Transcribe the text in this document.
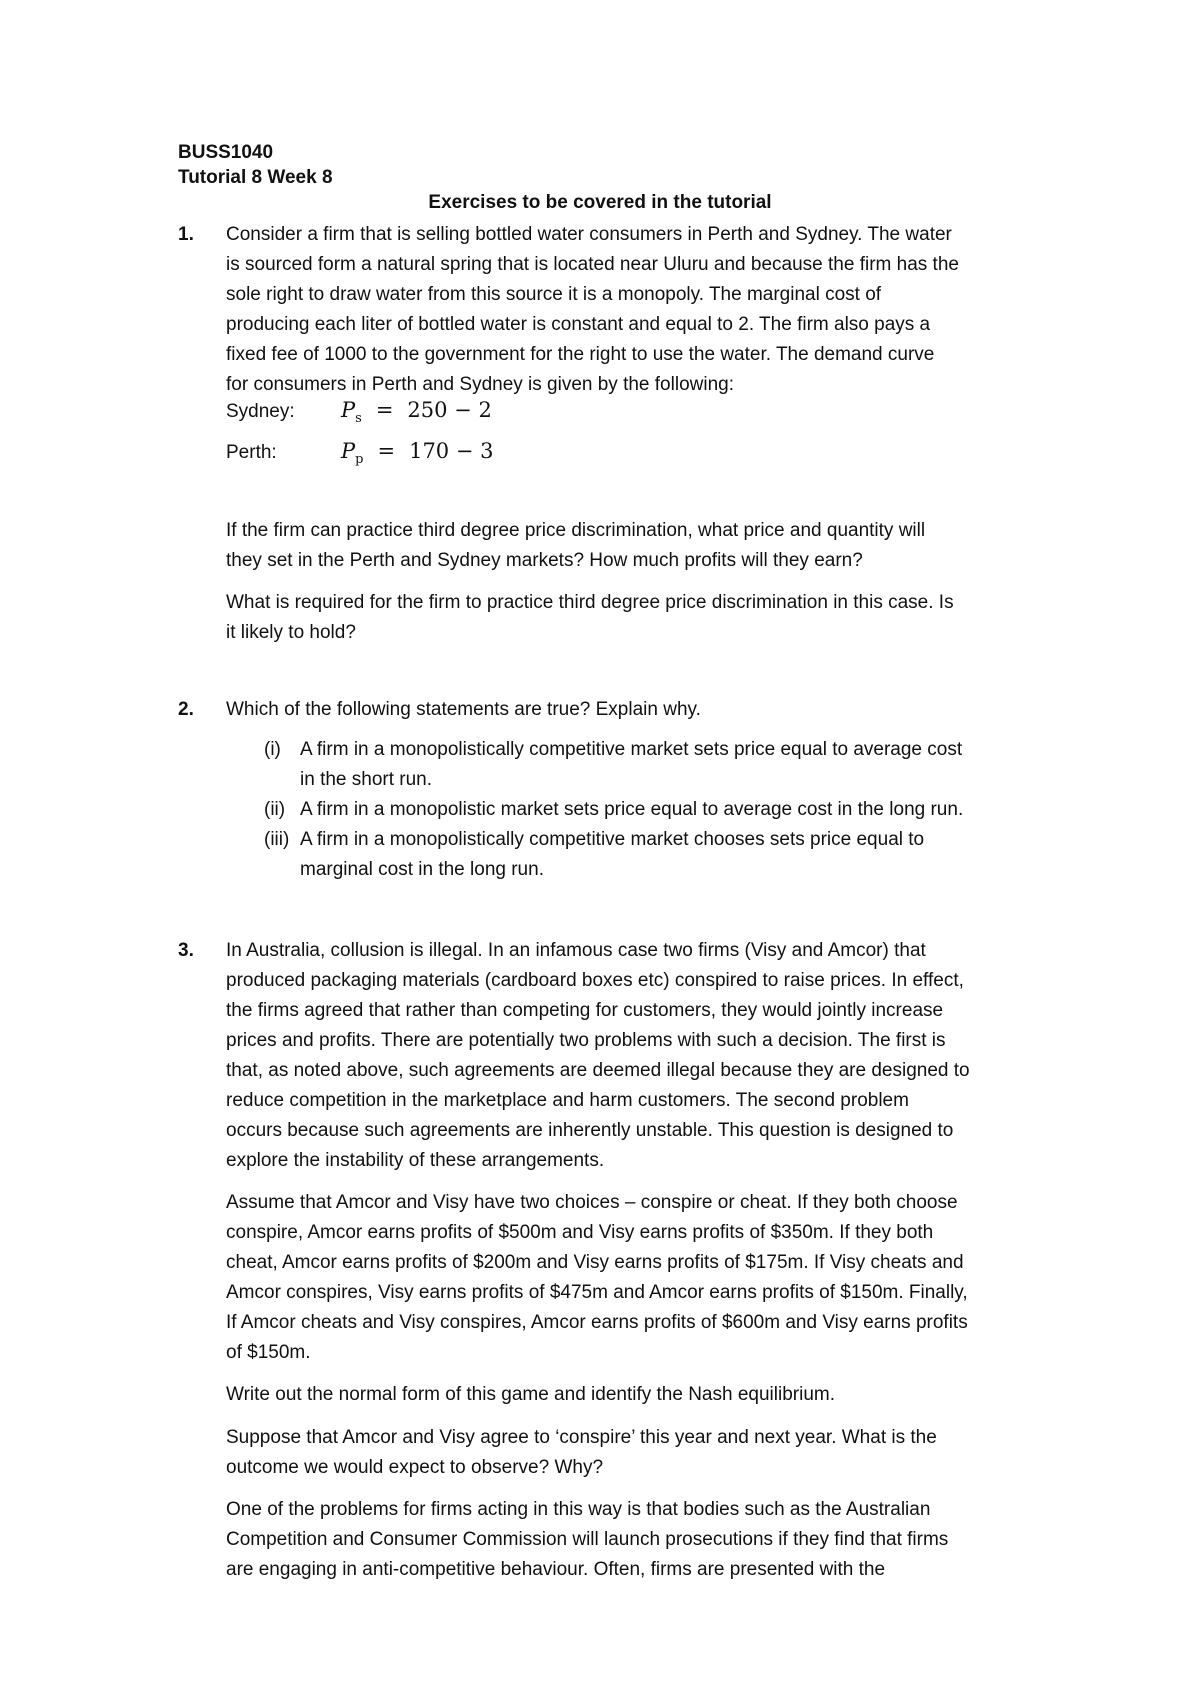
BUSS1040
Tutorial 8 Week 8
Exercises to be covered in the tutorial
1. Consider a firm that is selling bottled water consumers in Perth and Sydney. The water

is sourced form a natural spring that is located near Uluru and because the firm has the

sole right to draw water from this source it is a monopoly. The marginal cost of

producing each liter of bottled water is constant and equal to 2. The firm also pays a

fixed fee of 1000 to the government for the right to use the water. The demand curve

for consumers in Perth and Sydney is given by the following:

Sydney:	$P_s = 250 - 2$
Perth:	$P_p = 170 - 3$

If the firm can practice third degree price discrimination, what price and quantity will

they set in the Perth and Sydney markets? How much profits will they earn?

What is required for the firm to practice third degree price discrimination in this case. Is

it likely to hold?

2. Which of the following statements are true? Explain why.
(i) A firm in a monopolistically competitive market sets price equal to average cost
in the short run.
(ii) A firm in a monopolistic market sets price equal to average cost in the long run.
(iii) A firm in a monopolistically competitive market chooses sets price equal to
marginal cost in the long run.
3. In Australia, collusion is illegal. In an infamous case two firms (Visy and Amcor) that

produced packaging materials (cardboard boxes etc) conspired to raise prices. In effect,

the firms agreed that rather than competing for customers, they would jointly increase

prices and profits. There are potentially two problems with such a decision. The first is

that, as noted above, such agreements are deemed illegal because they are designed to

reduce competition in the marketplace and harm customers. The second problem

occurs because such agreements are inherently unstable. This question is designed to

explore the instability of these arrangements.

Assume that Amcor and Visy have two choices – conspire or cheat. If they both choose

conspire, Amcor earns profits of $500m and Visy earns profits of $350m. If they both

cheat, Amcor earns profits of $200m and Visy earns profits of $175m. If Visy cheats and

Amcor conspires, Visy earns profits of $475m and Amcor earns profits of $150m. Finally,

If Amcor cheats and Visy conspires, Amcor earns profits of $600m and Visy earns profits

of $150m.

Write out the normal form of this game and identify the Nash equilibrium.

Suppose that Amcor and Visy agree to ‘conspire’ this year and next year. What is the

outcome we would expect to observe? Why?

One of the problems for firms acting in this way is that bodies such as the Australian

Competition and Consumer Commission will launch prosecutions if they find that firms

are engaging in anti-competitive behaviour. Often, firms are presented with the
